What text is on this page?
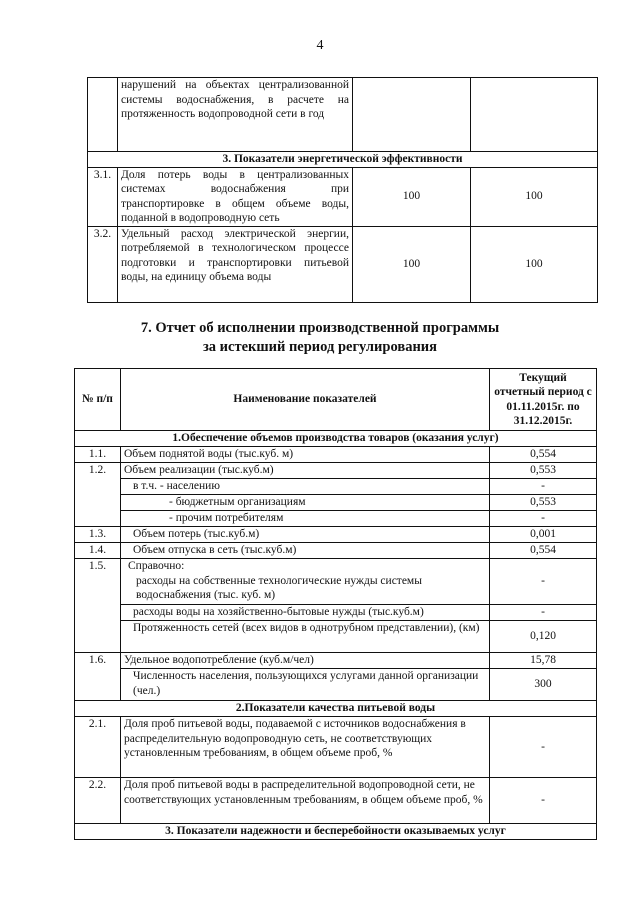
4
	нарушений на объектах централизованной системы водоснабжения, в расчете на протяженность водопроводной сети в год		
3. Показатели энергетической эффективности			
3.1.	Доля потерь воды в централизованных системах водоснабжения при транспортировке в общем объеме воды, поданной в водопроводную сеть	100	100
3.2.	Удельный расход электрической энергии, потребляемой в технологическом процессе подготовки и транспортировки питьевой воды, на единицу объема воды	100	100
7. Отчет об исполнении производственной программы
за истекший период регулирования
№ п/п	Наименование показателей	Текущий отчетный период с 01.11.2015г. по 31.12.2015г.
1.Обеспечение объемов производства товаров (оказания услуг)		
1.1.	Объем поднятой воды (тыс.куб. м)	0,554
1.2.	Объем реализации (тыс.куб.м)	0,553
	в т.ч. - населению	-
	- бюджетным организациям	0,553
	- прочим потребителям	-
1.3.	Объем потерь (тыс.куб.м)	0,001
1.4.	Объем отпуска в сеть (тыс.куб.м)	0,554
1.5.	Справочно:
расходы на собственные технологические нужды системы водоснабжения (тыс. куб. м)	-
	расходы воды на хозяйственно-бытовые нужды (тыс.куб.м)	-
	Протяженность сетей (всех видов в однотрубном представлении), (км)	0,120
1.6.	Удельное водопотребление (куб.м/чел)	15,78
	Численность населения, пользующихся услугами данной организации (чел.)	300
2.Показатели качества питьевой воды		
2.1.	Доля проб питьевой воды, подаваемой с источников водоснабжения в распределительную водопроводную сеть, не соответствующих установленным требованиям, в общем объеме проб, %	-
2.2.	Доля проб питьевой воды в распределительной водопроводной сети, не соответствующих установленным требованиям, в общем объеме проб, %	-
3. Показатели надежности и бесперебойности оказываемых услуг		
